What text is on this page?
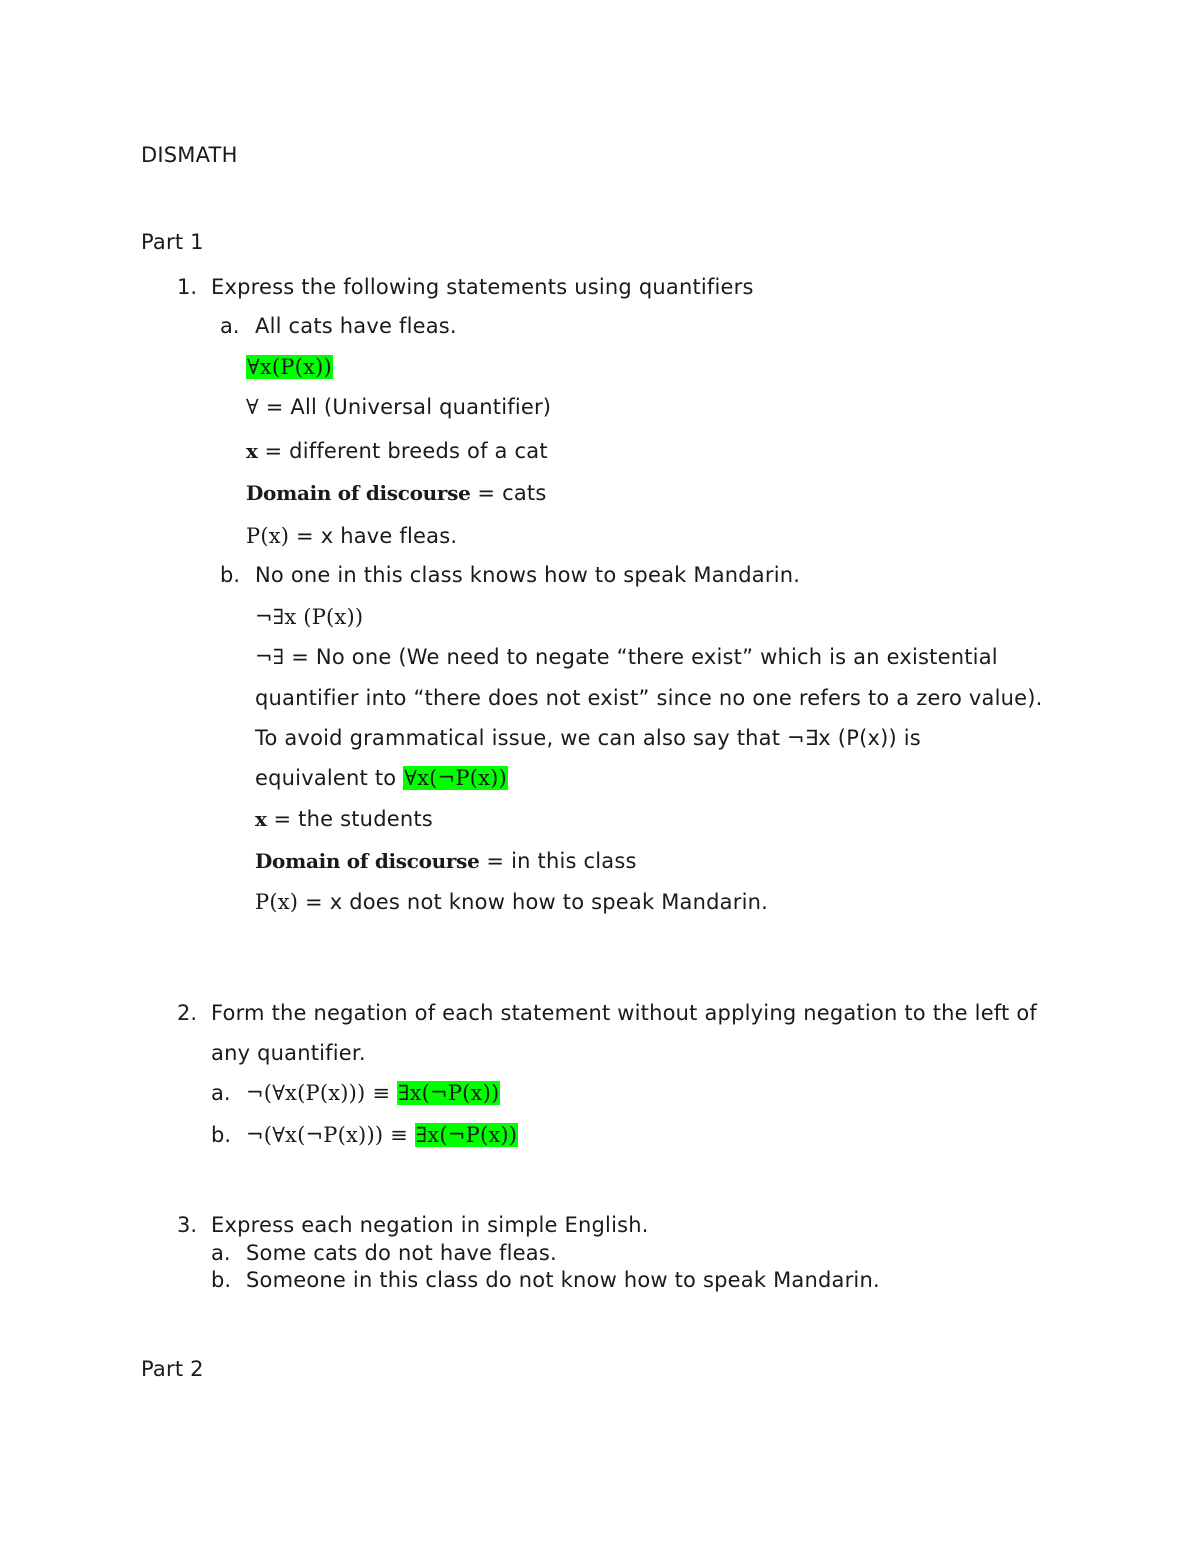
DISMATH
Part 1
1. Express the following statements using quantifiers
a. All cats have fleas.
∀x(P(x))
∀ = All (Universal quantifier)
x = different breeds of a cat
Domain of discourse = cats
P(x) = x have fleas.
b. No one in this class knows how to speak Mandarin.
¬∃x (P(x))
¬∃ = No one (We need to negate “there exist” which is an existential
quantifier into “there does not exist” since no one refers to a zero value).
To avoid grammatical issue, we can also say that ¬∃x (P(x)) is
equivalent to ∀x(¬P(x))
x = the students
Domain of discourse = in this class
P(x) = x does not know how to speak Mandarin.
2. Form the negation of each statement without applying negation to the left of
any quantifier.
a. ¬(∀x(P(x))) ≡ ∃x(¬P(x))
b. ¬(∀x(¬P(x))) ≡ ∃x(¬P(x))
3. Express each negation in simple English.
a. Some cats do not have fleas.
b. Someone in this class do not know how to speak Mandarin.
Part 2
